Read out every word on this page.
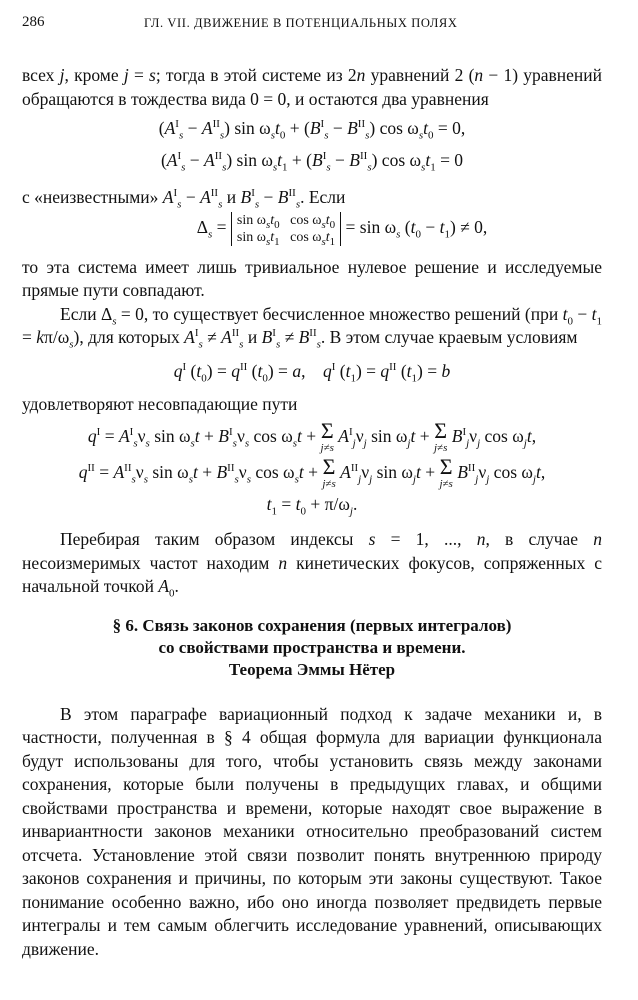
286	ГЛ. VII. ДВИЖЕНИЕ В ПОТЕНЦИАЛЬНЫХ ПОЛЯХ

всех j, кроме j = s; тогда в этой системе из 2n уравнений 2 (n − 1) уравнений обращаются в тождества вида 0 = 0, и остаются два уравнения

$(A^I_s - A^{II}_s)$ $\sin \omega_st_0 + (B^I_s - B^{II}_s)$ $\cos \omega_st_0 = 0$,

$(A^I_s - A^{II}_s)$ $\sin \omega_st_1 + (B^I_s - B^{II}_s)$ $\cos \omega_st_1 = 0$

с «неизвестными» $A^I_s - A^{II}_s$ и $B^I_s - B^{II}_s$. Если

$\Delta_s = \sin \omega_st_0$   $\cos \omega_st_0$
$\sin \omega_st_1$   $\cos \omega_st_1 = \sin \omega_s$ $(t_0 - t_1) \ne 0$,

то эта система имеет лишь тривиальное нулевое решение и исследуемые прямые пути совпадают.

Если $\Delta_s = 0$, то существует бесчисленное множество решений (при $t_0 - t_1 = k\pi/\omega_s$), для которых $A^I_s \ne A^{II}_s$ и $B^I_s \ne B^{II}_s$. В этом случае краевым условиям

$q^I$ $(t_0) = q^{II}$ $(t_0) = a$,    $q^I$ $(t_1) = q^{II}$ $(t_1) = b$

удовлетворяют несовпадающие пути

$q^I = A^I_s\nu_s$ $\sin \omega_st + B^I_s\nu_s$ $\cos \omega_st + \Sigma$
j≠s
$A^I_j\nu_j$ $\sin \omega_jt + \Sigma$
j≠s
$B^I_j\nu_j$ $\cos \omega_jt$,

$q^{II} = A^{II}_s\nu_s$ $\sin \omega_st + B^{II}_s\nu_s$ $\cos \omega_st + \Sigma$
j≠s
$A^{II}_j\nu_j$ $\sin \omega_jt + \Sigma$
j≠s
$B^{II}_j\nu_j$ $\cos \omega_jt$,

$t_1 = t_0 + \pi/\omega_j$.

Перебирая таким образом индексы s = 1, ..., n, в случае n несоизмеримых частот находим n кинетических фокусов, сопряженных с начальной точкой $A_0$.

§ 6. Связь законов сохранения (первых интегралов)

со свойствами пространства и времени.

Теорема Эммы Нётер

В этом параграфе вариационный подход к задаче механики и, в частности, полученная в § 4 общая формула для вариации функционала будут использованы для того, чтобы установить связь между законами сохранения, которые были получены в предыдущих главах, и общими свойствами пространства и времени, которые находят свое выражение в инвариантности законов механики относительно преобразований систем отсчета. Установление этой связи позволит понять внутреннюю природу законов сохранения и причины, по которым эти законы существуют. Такое понимание особенно важно, ибо оно иногда позволяет предвидеть первые интегралы и тем самым облегчить исследование уравнений, описывающих движение.
